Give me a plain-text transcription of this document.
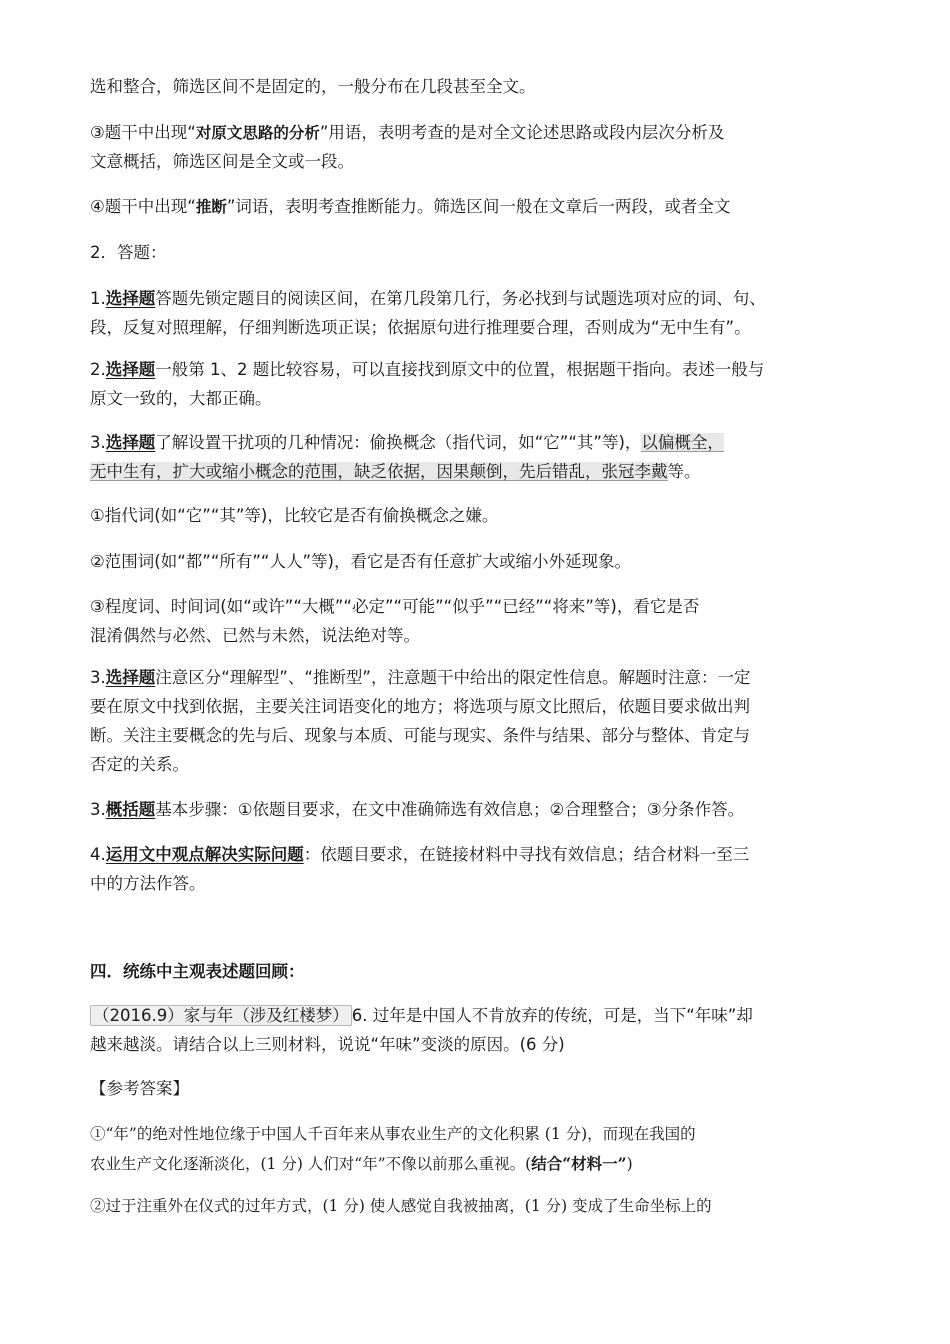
选和整合，筛选区间不是固定的，一般分布在几段甚至全文。

③题干中出现“对原文思路的分析”用语，表明考查的是对全文论述思路或段内层次分析及
文意概括，筛选区间是全文或一段。

④题干中出现“推断”词语，表明考查推断能力。筛选区间一般在文章后一两段，或者全文

2．答题：

1.选择题答题先锁定题目的阅读区间，在第几段第几行，务必找到与试题选项对应的词、句、
段，反复对照理解，仔细判断选项正误；依据原句进行推理要合理，否则成为“无中生有”。

2.选择题一般第 1、2 题比较容易，可以直接找到原文中的位置，根据题干指向。表述一般与
原文一致的，大都正确。

3.选择题了解设置干扰项的几种情况：偷换概念（指代词，如“它”“其”等)，以偏概全，
无中生有，扩大或缩小概念的范围，缺乏依据，因果颠倒，先后错乱，张冠李戴等。

①指代词(如“它”“其”等)，比较它是否有偷换概念之嫌。

②范围词(如“都”“所有”“人人”等)，看它是否有任意扩大或缩小外延现象。

③程度词、时间词(如“或许”“大概”“必定”“可能”“似乎”“已经”“将来”等)，看它是否
混淆偶然与必然、已然与未然，说法绝对等。

3.选择题注意区分“理解型”、“推断型”，注意题干中给出的限定性信息。解题时注意：一定
要在原文中找到依据，主要关注词语变化的地方；将选项与原文比照后，依题目要求做出判
断。关注主要概念的先与后、现象与本质、可能与现实、条件与结果、部分与整体、肯定与
否定的关系。

3.概括题基本步骤：①依题目要求，在文中准确筛选有效信息；②合理整合；③分条作答。

4.运用文中观点解决实际问题：依题目要求，在链接材料中寻找有效信息；结合材料一至三
中的方法作答。

四．统练中主观表述题回顾：

（2016.9）家与年（涉及红楼梦） 6. 过年是中国人不肯放弃的传统，可是，当下“年味”却
越来越淡。请结合以上三则材料，说说“年味”变淡的原因。(6 分)

【参考答案】

①“年”的绝对性地位缘于中国人千百年来从事农业生产的文化积累 (1 分)，而现在我国的
农业生产文化逐渐淡化，(1 分) 人们对“年”不像以前那么重视。(结合“材料一”)

②过于注重外在仪式的过年方式，(1 分) 使人感觉自我被抽离，(1 分) 变成了生命坐标上的
